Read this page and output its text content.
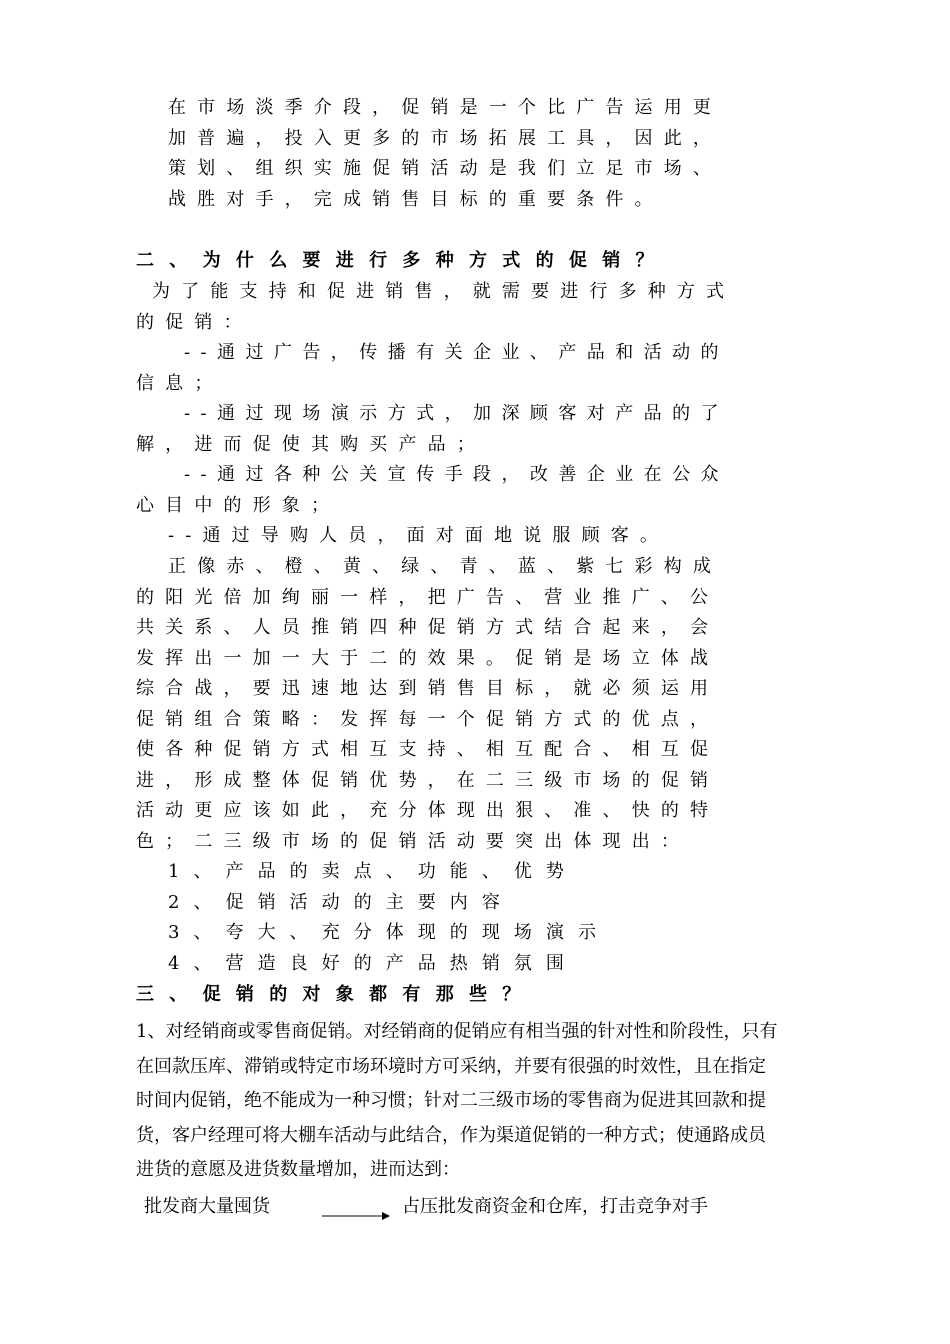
在市场淡季介段，促销是一个比广告运用更

加普遍，投入更多的市场拓展工具，因此，

策划、组织实施促销活动是我们立足市场、

战胜对手，完成销售目标的重要条件。

二、为什么要进行多种方式的促销？

为了能支持和促进销售，就需要进行多种方式

的促销：

--通过广告，传播有关企业、产品和活动的

信息；

--通过现场演示方式，加深顾客对产品的了

解，进而促使其购买产品；

--通过各种公关宣传手段，改善企业在公众

心目中的形象；

--通过导购人员，面对面地说服顾客。

正像赤、橙、黄、绿、青、蓝、紫七彩构成

的阳光倍加绚丽一样，把广告、营业推广、公

共关系、人员推销四种促销方式结合起来，会

发挥出一加一大于二的效果。促销是场立体战

综合战，要迅速地达到销售目标，就必须运用

促销组合策略：发挥每一个促销方式的优点，

使各种促销方式相互支持、相互配合、相互促

进，形成整体促销优势，在二三级市场的促销

活动更应该如此，充分体现出狠、准、快的特

色；二三级市场的促销活动要突出体现出：

1、产品的卖点、功能、优势

2、促销活动的主要内容

3、夸大、充分体现的现场演示

4、营造良好的产品热销氛围

三、促销的对象都有那些？

1、对经销商或零售商促销。对经销商的促销应有相当强的针对性和阶段性，只有

在回款压库、滞销或特定市场环境时方可采纳，并要有很强的时效性，且在指定

时间内促销，绝不能成为一种习惯；针对二三级市场的零售商为促进其回款和提

货，客户经理可将大棚车活动与此结合，作为渠道促销的一种方式；使通路成员

进货的意愿及进货数量增加，进而达到：

批发商大量囤货	占压批发商资金和仓库，打击竞争对手
